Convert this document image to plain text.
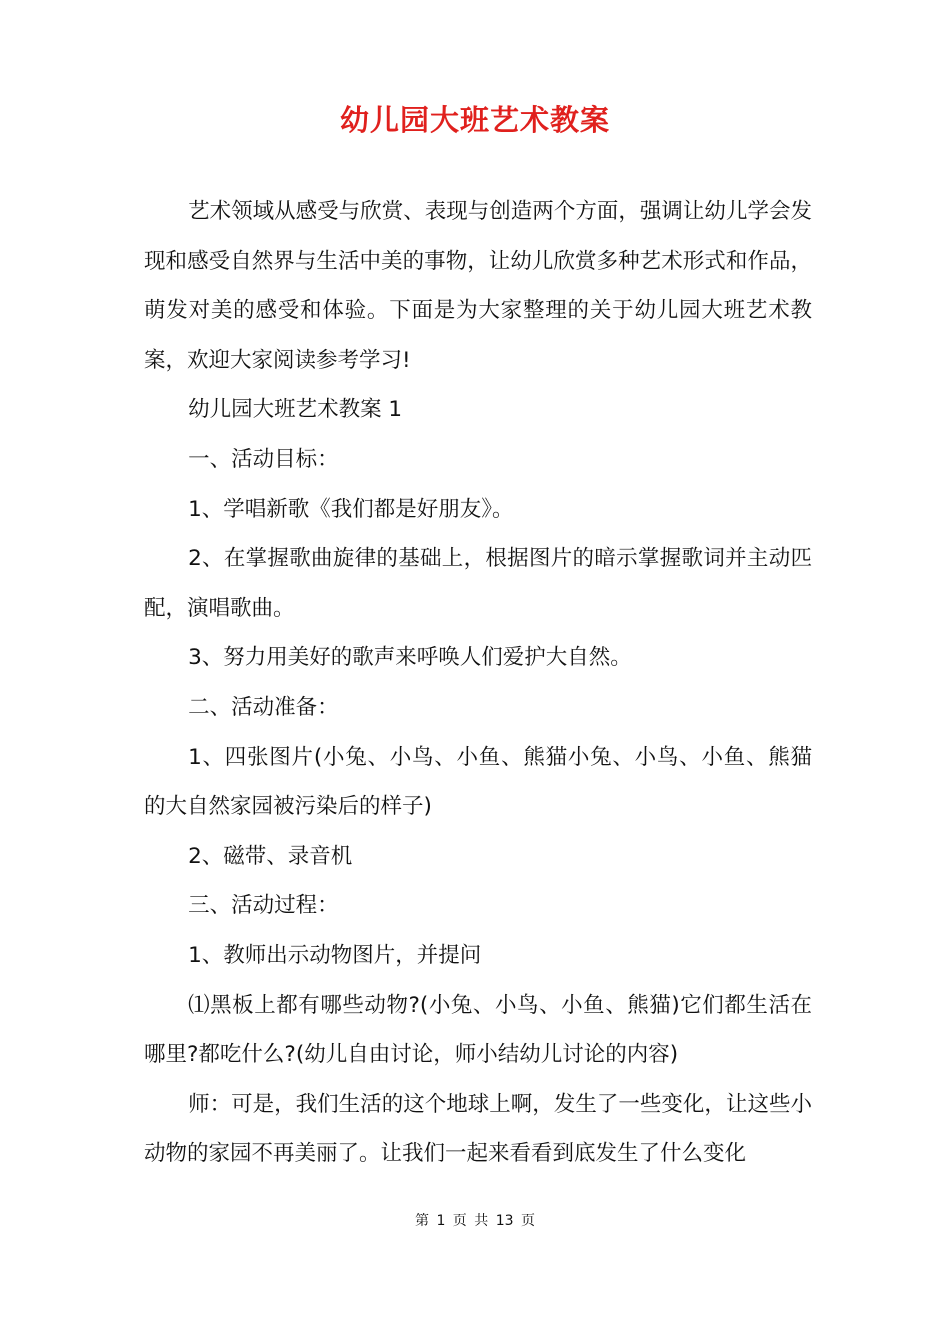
幼儿园大班艺术教案

艺术领域从感受与欣赏、表现与创造两个方面，强调让幼儿学会发现和感受自然界与生活中美的事物，让幼儿欣赏多种艺术形式和作品，萌发对美的感受和体验。下面是为大家整理的关于幼儿园大班艺术教案，欢迎大家阅读参考学习!

幼儿园大班艺术教案 1

一、活动目标：

1、学唱新歌《我们都是好朋友》。

2、在掌握歌曲旋律的基础上，根据图片的暗示掌握歌词并主动匹配，演唱歌曲。

3、努力用美好的歌声来呼唤人们爱护大自然。

二、活动准备：

1、四张图片(小兔、小鸟、小鱼、熊猫小兔、小鸟、小鱼、熊猫的大自然家园被污染后的样子)

2、磁带、录音机

三、活动过程：

1、教师出示动物图片，并提问

⑴黑板上都有哪些动物?(小兔、小鸟、小鱼、熊猫)它们都生活在哪里?都吃什么?(幼儿自由讨论，师小结幼儿讨论的内容)

师：可是，我们生活的这个地球上啊，发生了一些变化，让这些小动物的家园不再美丽了。让我们一起来看看到底发生了什么变化

第 1 页 共 13 页
